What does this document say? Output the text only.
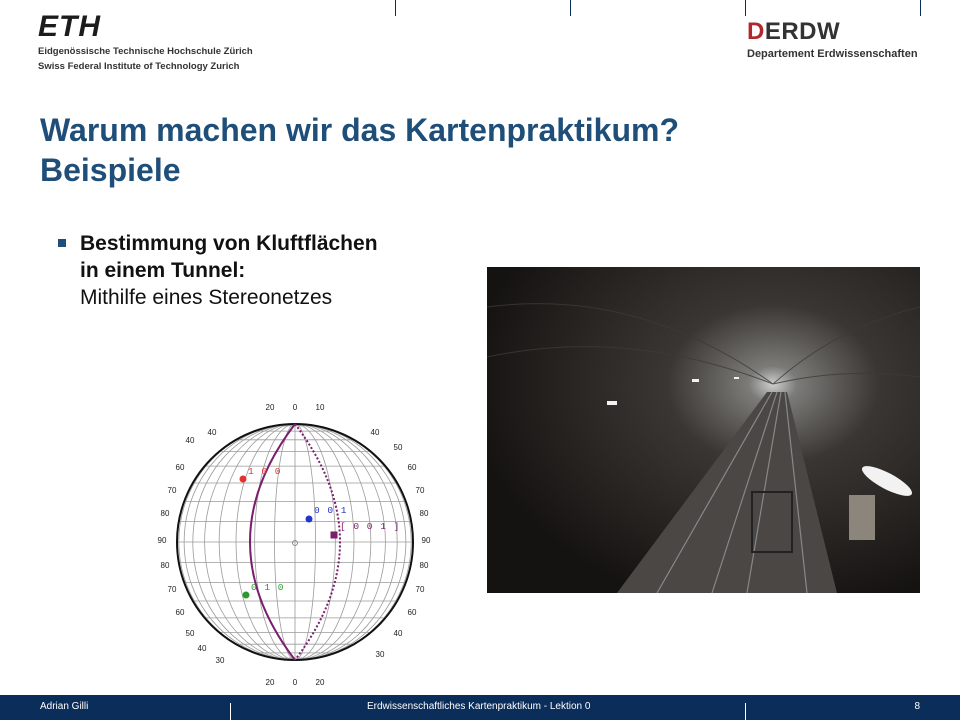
ETH
Eidgenössische Technische Hochschule Zürich
Swiss Federal Institute of Technology Zurich
DERDW
Departement Erdwissenschaften
Warum machen wir das Kartenpraktikum?
Beispiele
Bestimmung von Kluftflächen in einem Tunnel:
Mithilfe eines Stereonetzes
20 0 10
20 0 20
40
40
60
70
80
90
80
70
60
50
40
30
40
50
60
70
80
90
80
70
60
40
30
1 0 0
0 0 1
0 1 0
[ 0 0 1 ]
Adrian Gilli	Erdwissenschaftliches Kartenpraktikum - Lektion 0	8
